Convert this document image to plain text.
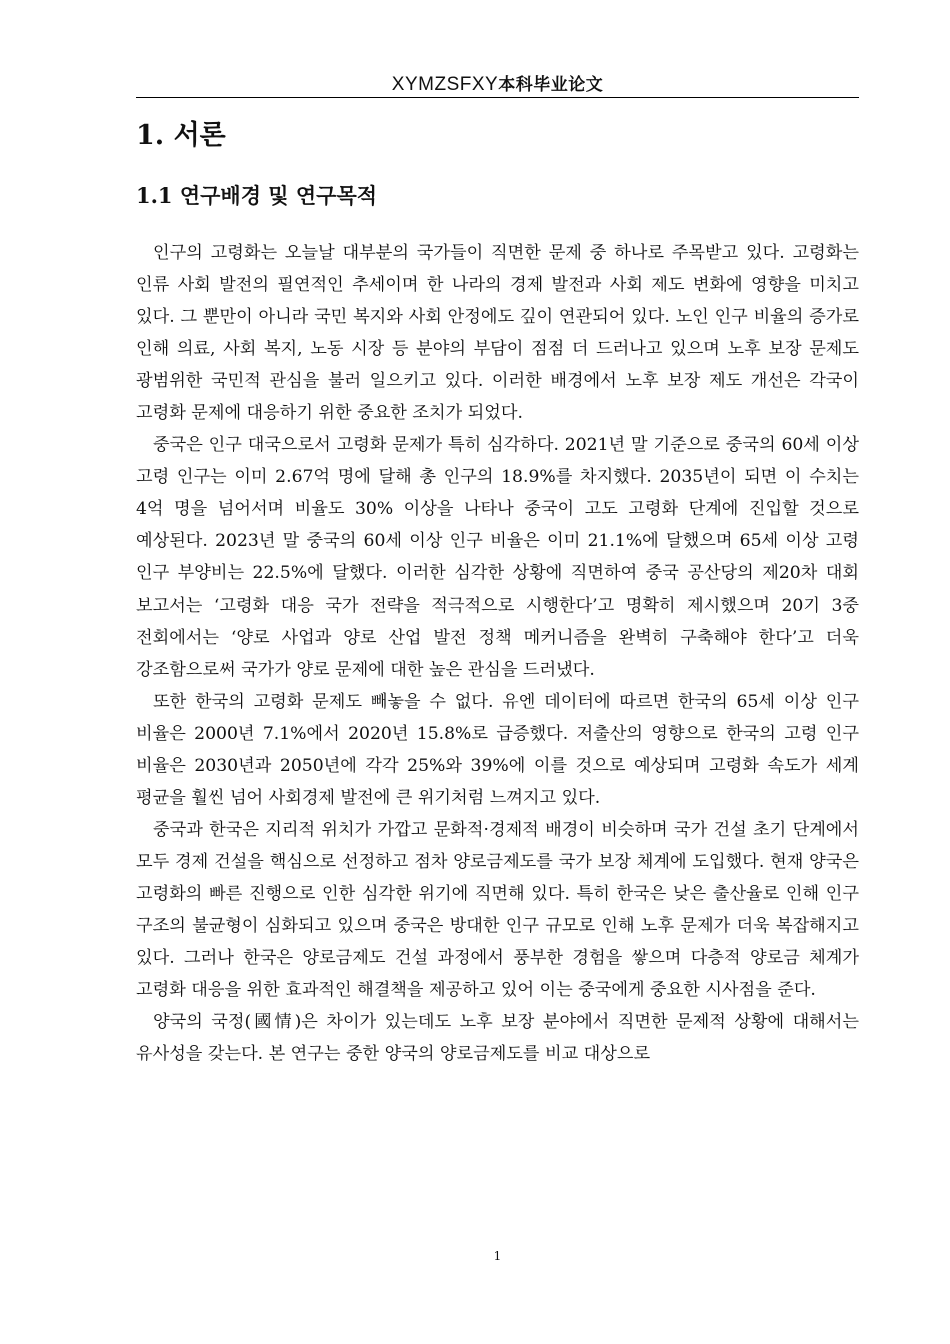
XYMZSFXY本科毕业论文
1. 서론
1.1 연구배경 및 연구목적

인구의 고령화는 오늘날 대부분의 국가들이 직면한 문제 중 하나로 주목받고 있다. 고령화는 인류 사회 발전의 필연적인 추세이며 한 나라의 경제 발전과 사회 제도 변화에 영향을 미치고 있다. 그 뿐만이 아니라 국민 복지와 사회 안정에도 깊이 연관되어 있다. 노인 인구 비율의 증가로 인해 의료, 사회 복지, 노동 시장 등 분야의 부담이 점점 더 드러나고 있으며 노후 보장 문제도 광범위한 국민적 관심을 불러 일으키고 있다. 이러한 배경에서 노후 보장 제도 개선은 각국이 고령화 문제에 대응하기 위한 중요한 조치가 되었다.

중국은 인구 대국으로서 고령화 문제가 특히 심각하다. 2021년 말 기준으로 중국의 60세 이상 고령 인구는 이미 2.67억 명에 달해 총 인구의 18.9%를 차지했다. 2035년이 되면 이 수치는 4억 명을 넘어서며 비율도 30% 이상을 나타나 중국이 고도 고령화 단계에 진입할 것으로 예상된다. 2023년 말 중국의 60세 이상 인구 비율은 이미 21.1%에 달했으며 65세 이상 고령 인구 부양비는 22.5%에 달했다. 이러한 심각한 상황에 직면하여 중국 공산당의 제20차 대회 보고서는 ‘고령화 대응 국가 전략을 적극적으로 시행한다’고 명확히 제시했으며 20기 3중 전회에서는 ‘양로 사업과 양로 산업 발전 정책 메커니즘을 완벽히 구축해야 한다’고 더욱 강조함으로써 국가가 양로 문제에 대한 높은 관심을 드러냈다.

또한 한국의 고령화 문제도 빼놓을 수 없다. 유엔 데이터에 따르면 한국의 65세 이상 인구 비율은 2000년 7.1%에서 2020년 15.8%로 급증했다. 저출산의 영향으로 한국의 고령 인구 비율은 2030년과 2050년에 각각 25%와 39%에 이를 것으로 예상되며 고령화 속도가 세계 평균을 훨씬 넘어 사회경제 발전에 큰 위기처럼 느껴지고 있다.

중국과 한국은 지리적 위치가 가깝고 문화적·경제적 배경이 비슷하며 국가 건설 초기 단계에서 모두 경제 건설을 핵심으로 선정하고 점차 양로금제도를 국가 보장 체계에 도입했다. 현재 양국은 고령화의 빠른 진행으로 인한 심각한 위기에 직면해 있다. 특히 한국은 낮은 출산율로 인해 인구 구조의 불균형이 심화되고 있으며 중국은 방대한 인구 규모로 인해 노후 문제가 더욱 복잡해지고 있다. 그러나 한국은 양로금제도 건설 과정에서 풍부한 경험을 쌓으며 다층적 양로금 체계가 고령화 대응을 위한 효과적인 해결책을 제공하고 있어 이는 중국에게 중요한 시사점을 준다.

양국의 국정(國情)은 차이가 있는데도 노후 보장 분야에서 직면한 문제적 상황에 대해서는 유사성을 갖는다. 본 연구는 중한 양국의 양로금제도를 비교 대상으로

1
